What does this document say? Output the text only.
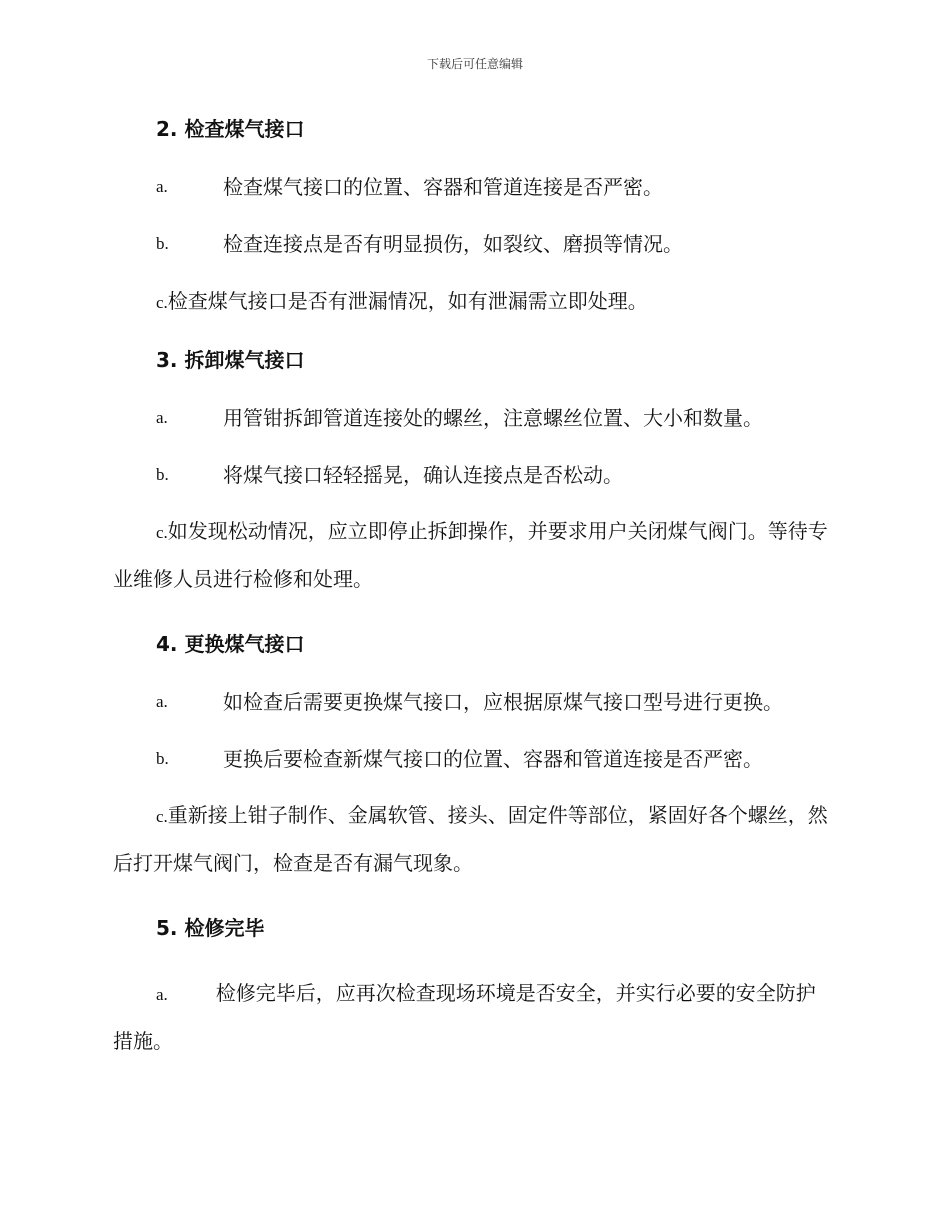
下载后可任意编辑
2. 检查煤气接口
a.	检查煤气接口的位置、容器和管道连接是否严密。
b.	检查连接点是否有明显损伤，如裂纹、磨损等情况。
c.检查煤气接口是否有泄漏情况，如有泄漏需立即处理。
3. 拆卸煤气接口
a.	用管钳拆卸管道连接处的螺丝，注意螺丝位置、大小和数量。
b.	将煤气接口轻轻摇晃，确认连接点是否松动。
c.如发现松动情况，应立即停止拆卸操作，并要求用户关闭煤气阀门。等待专业维修人员进行检修和处理。
4. 更换煤气接口
a.	如检查后需要更换煤气接口，应根据原煤气接口型号进行更换。
b.	更换后要检查新煤气接口的位置、容器和管道连接是否严密。
c.重新接上钳子制作、金属软管、接头、固定件等部位，紧固好各个螺丝，然后打开煤气阀门，检查是否有漏气现象。
5. 检修完毕
a. 检修完毕后，应再次检查现场环境是否安全，并实行必要的安全防护措施。
